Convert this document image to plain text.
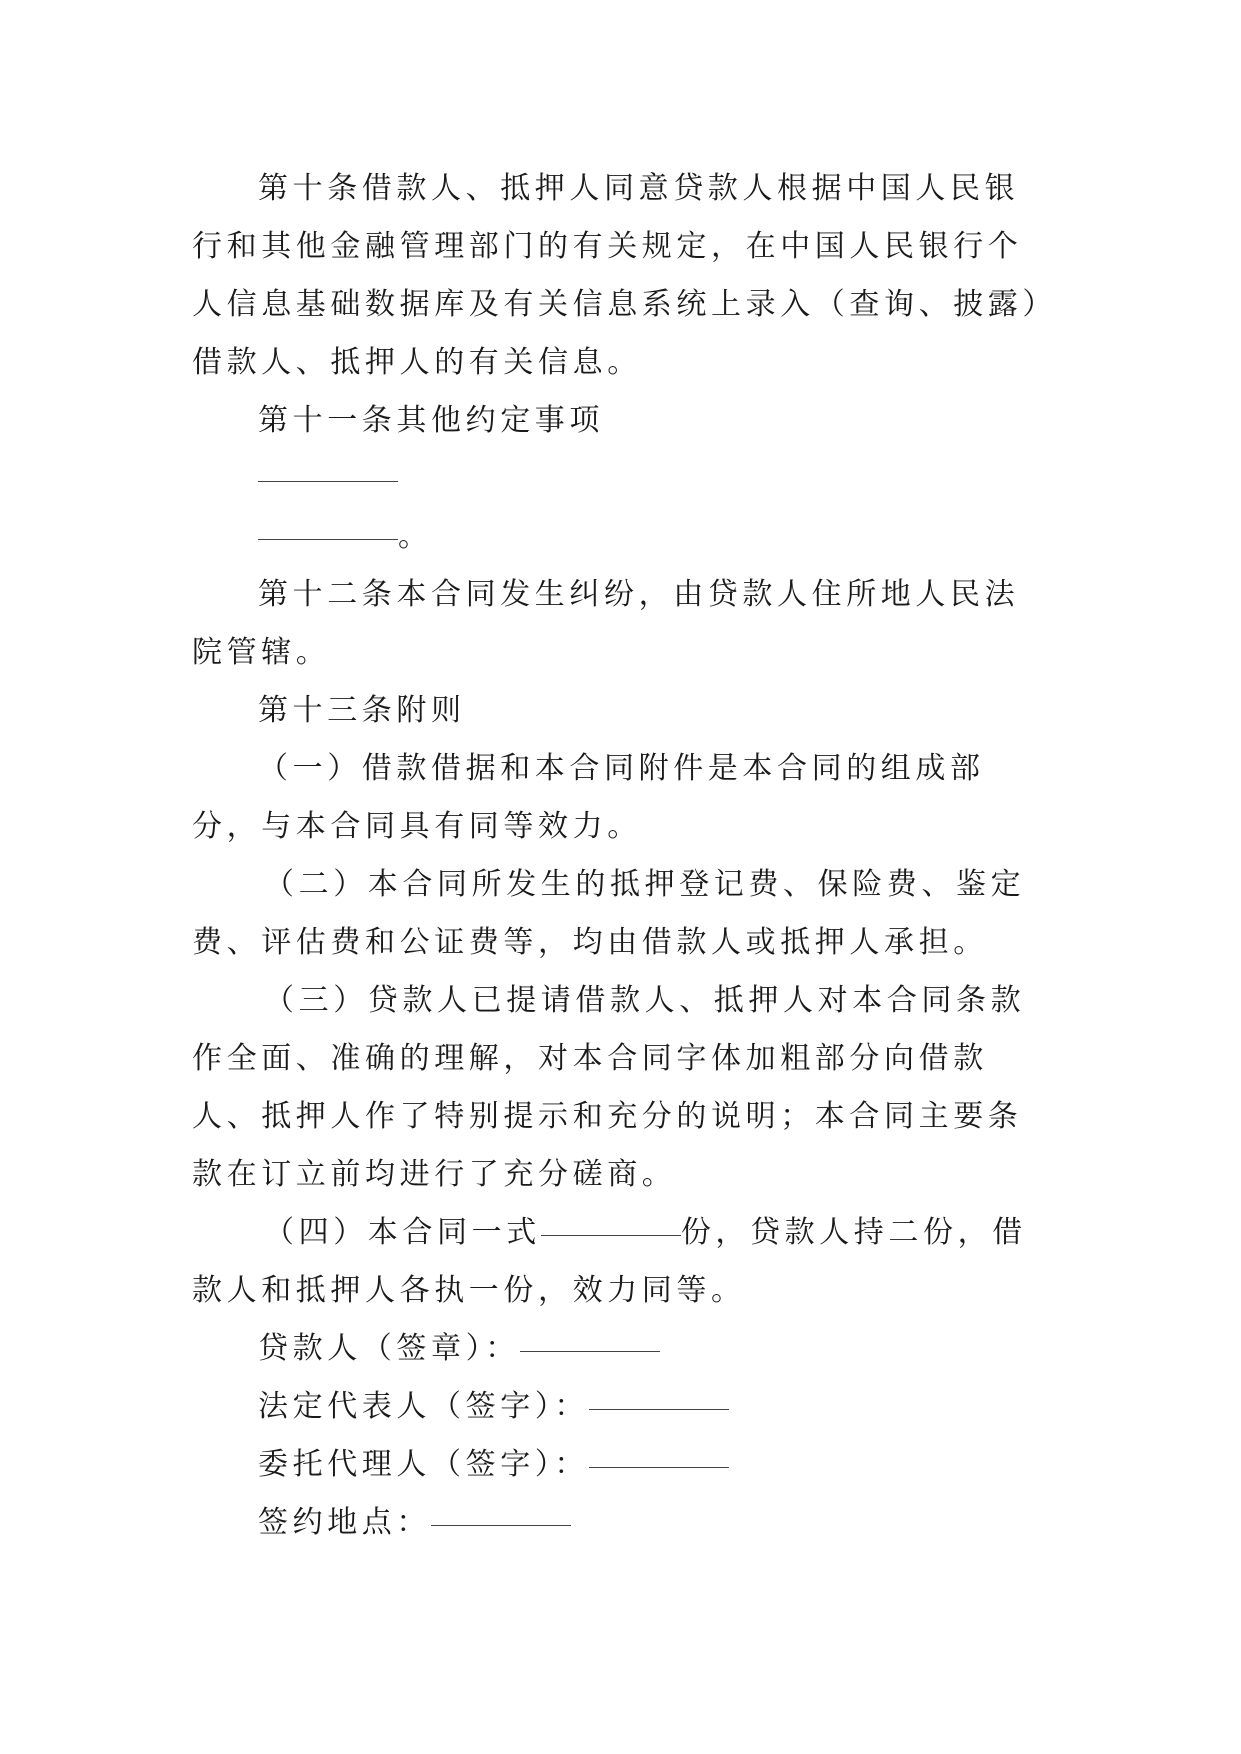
第十条借款人、抵押人同意贷款人根据中国人民银行和其他金融管理部门的有关规定，在中国人民银行个人信息基础数据库及有关信息系统上录入（查询、披露）借款人、抵押人的有关信息。

第十一条其他约定事项

。

第十二条本合同发生纠纷，由贷款人住所地人民法院管辖。

第十三条附则

（一）借款借据和本合同附件是本合同的组成部分，与本合同具有同等效力。

（二）本合同所发生的抵押登记费、保险费、鉴定费、评估费和公证费等，均由借款人或抵押人承担。

（三）贷款人已提请借款人、抵押人对本合同条款作全面、准确的理解，对本合同字体加粗部分向借款人、抵押人作了特别提示和充分的说明；本合同主要条款在订立前均进行了充分磋商。

（四）本合同一式	份，贷款人持二份，借款人和抵押人各执一份，效力同等。

贷款人（签章）：

法定代表人（签字）：

委托代理人（签字）：

签约地点：
